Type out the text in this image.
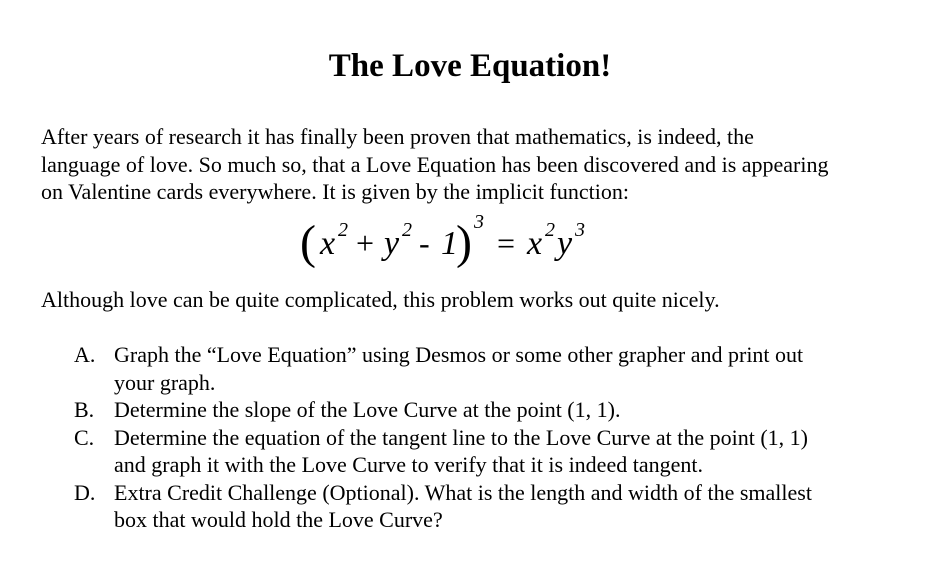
The Love Equation!

After years of research it has finally been proven that mathematics, is indeed, the
language of love. So much so, that a Love Equation has been discovered and is appearing
on Valentine cards everywhere. It is given by the implicit function:

( x 2 + y 2 - 1
) 3
= x 2 y 3

Although love can be quite complicated, this problem works out quite nicely.

A. Graph the “Love Equation” using Desmos or some other grapher and print out
your graph.
B. Determine the slope of the Love Curve at the point (1, 1).
C. Determine the equation of the tangent line to the Love Curve at the point (1, 1)
and graph it with the Love Curve to verify that it is indeed tangent.
D. Extra Credit Challenge (Optional). What is the length and width of the smallest
box that would hold the Love Curve?
